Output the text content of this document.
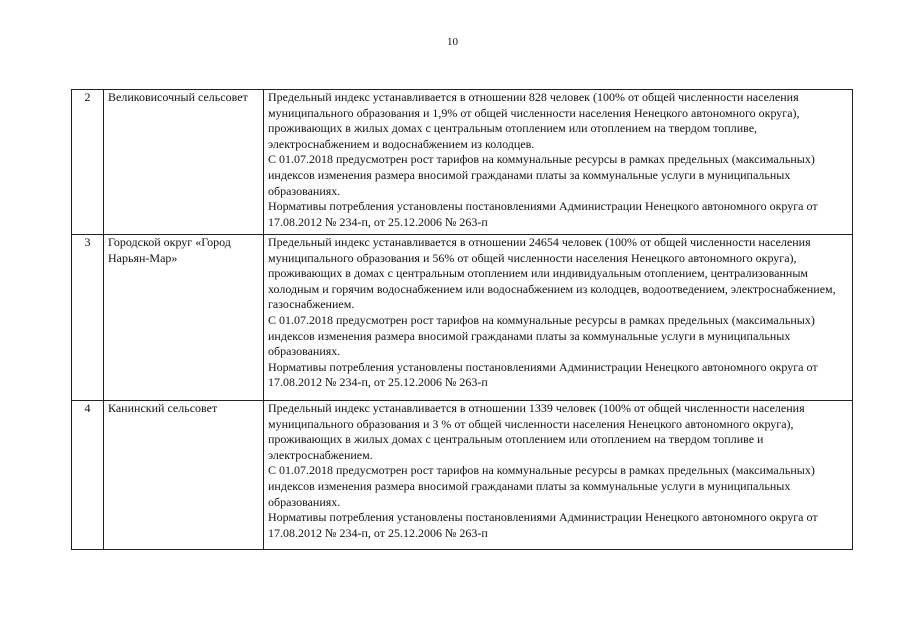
10
2	Великовисочный сельсовет	Предельный индекс устанавливается в отношении 828 человек (100% от общей численности населения муниципального образования и 1,9% от общей численности населения Ненецкого автономного округа), проживающих в жилых домах с центральным отоплением или отоплением на твердом топливе, электроснабжением и водоснабжением из колодцев.
С 01.07.2018 предусмотрен рост тарифов на коммунальные ресурсы в рамках предельных (максимальных) индексов изменения размера вносимой гражданами платы за коммунальные услуги в муниципальных образованиях.
Нормативы потребления установлены постановлениями Администрации Ненецкого автономного округа от 17.08.2012 № 234-п, от 25.12.2006 № 263-п

3	Городской округ «Город Нарьян-Мар»	Предельный индекс устанавливается в отношении 24654 человек (100% от общей численности населения муниципального образования и 56% от общей численности населения Ненецкого автономного округа), проживающих в домах с центральным отоплением или индивидуальным отоплением, централизованным холодным и горячим водоснабжением или водоснабжением из колодцев, водоотведением, электроснабжением, газоснабжением.
С 01.07.2018 предусмотрен рост тарифов на коммунальные ресурсы в рамках предельных (максимальных) индексов изменения размера вносимой гражданами платы за коммунальные услуги в муниципальных образованиях.
Нормативы потребления установлены постановлениями Администрации Ненецкого автономного округа от 17.08.2012 № 234-п, от 25.12.2006 № 263-п

4	Канинский сельсовет	Предельный индекс устанавливается в отношении 1339 человек (100% от общей численности населения муниципального образования и 3 % от общей численности населения Ненецкого автономного округа), проживающих в жилых домах с центральным отоплением или отоплением на твердом топливе и электроснабжением.
С 01.07.2018 предусмотрен рост тарифов на коммунальные ресурсы в рамках предельных (максимальных) индексов изменения размера вносимой гражданами платы за коммунальные услуги в муниципальных образованиях.
Нормативы потребления установлены постановлениями Администрации Ненецкого автономного округа от 17.08.2012 № 234-п, от 25.12.2006 № 263-п
